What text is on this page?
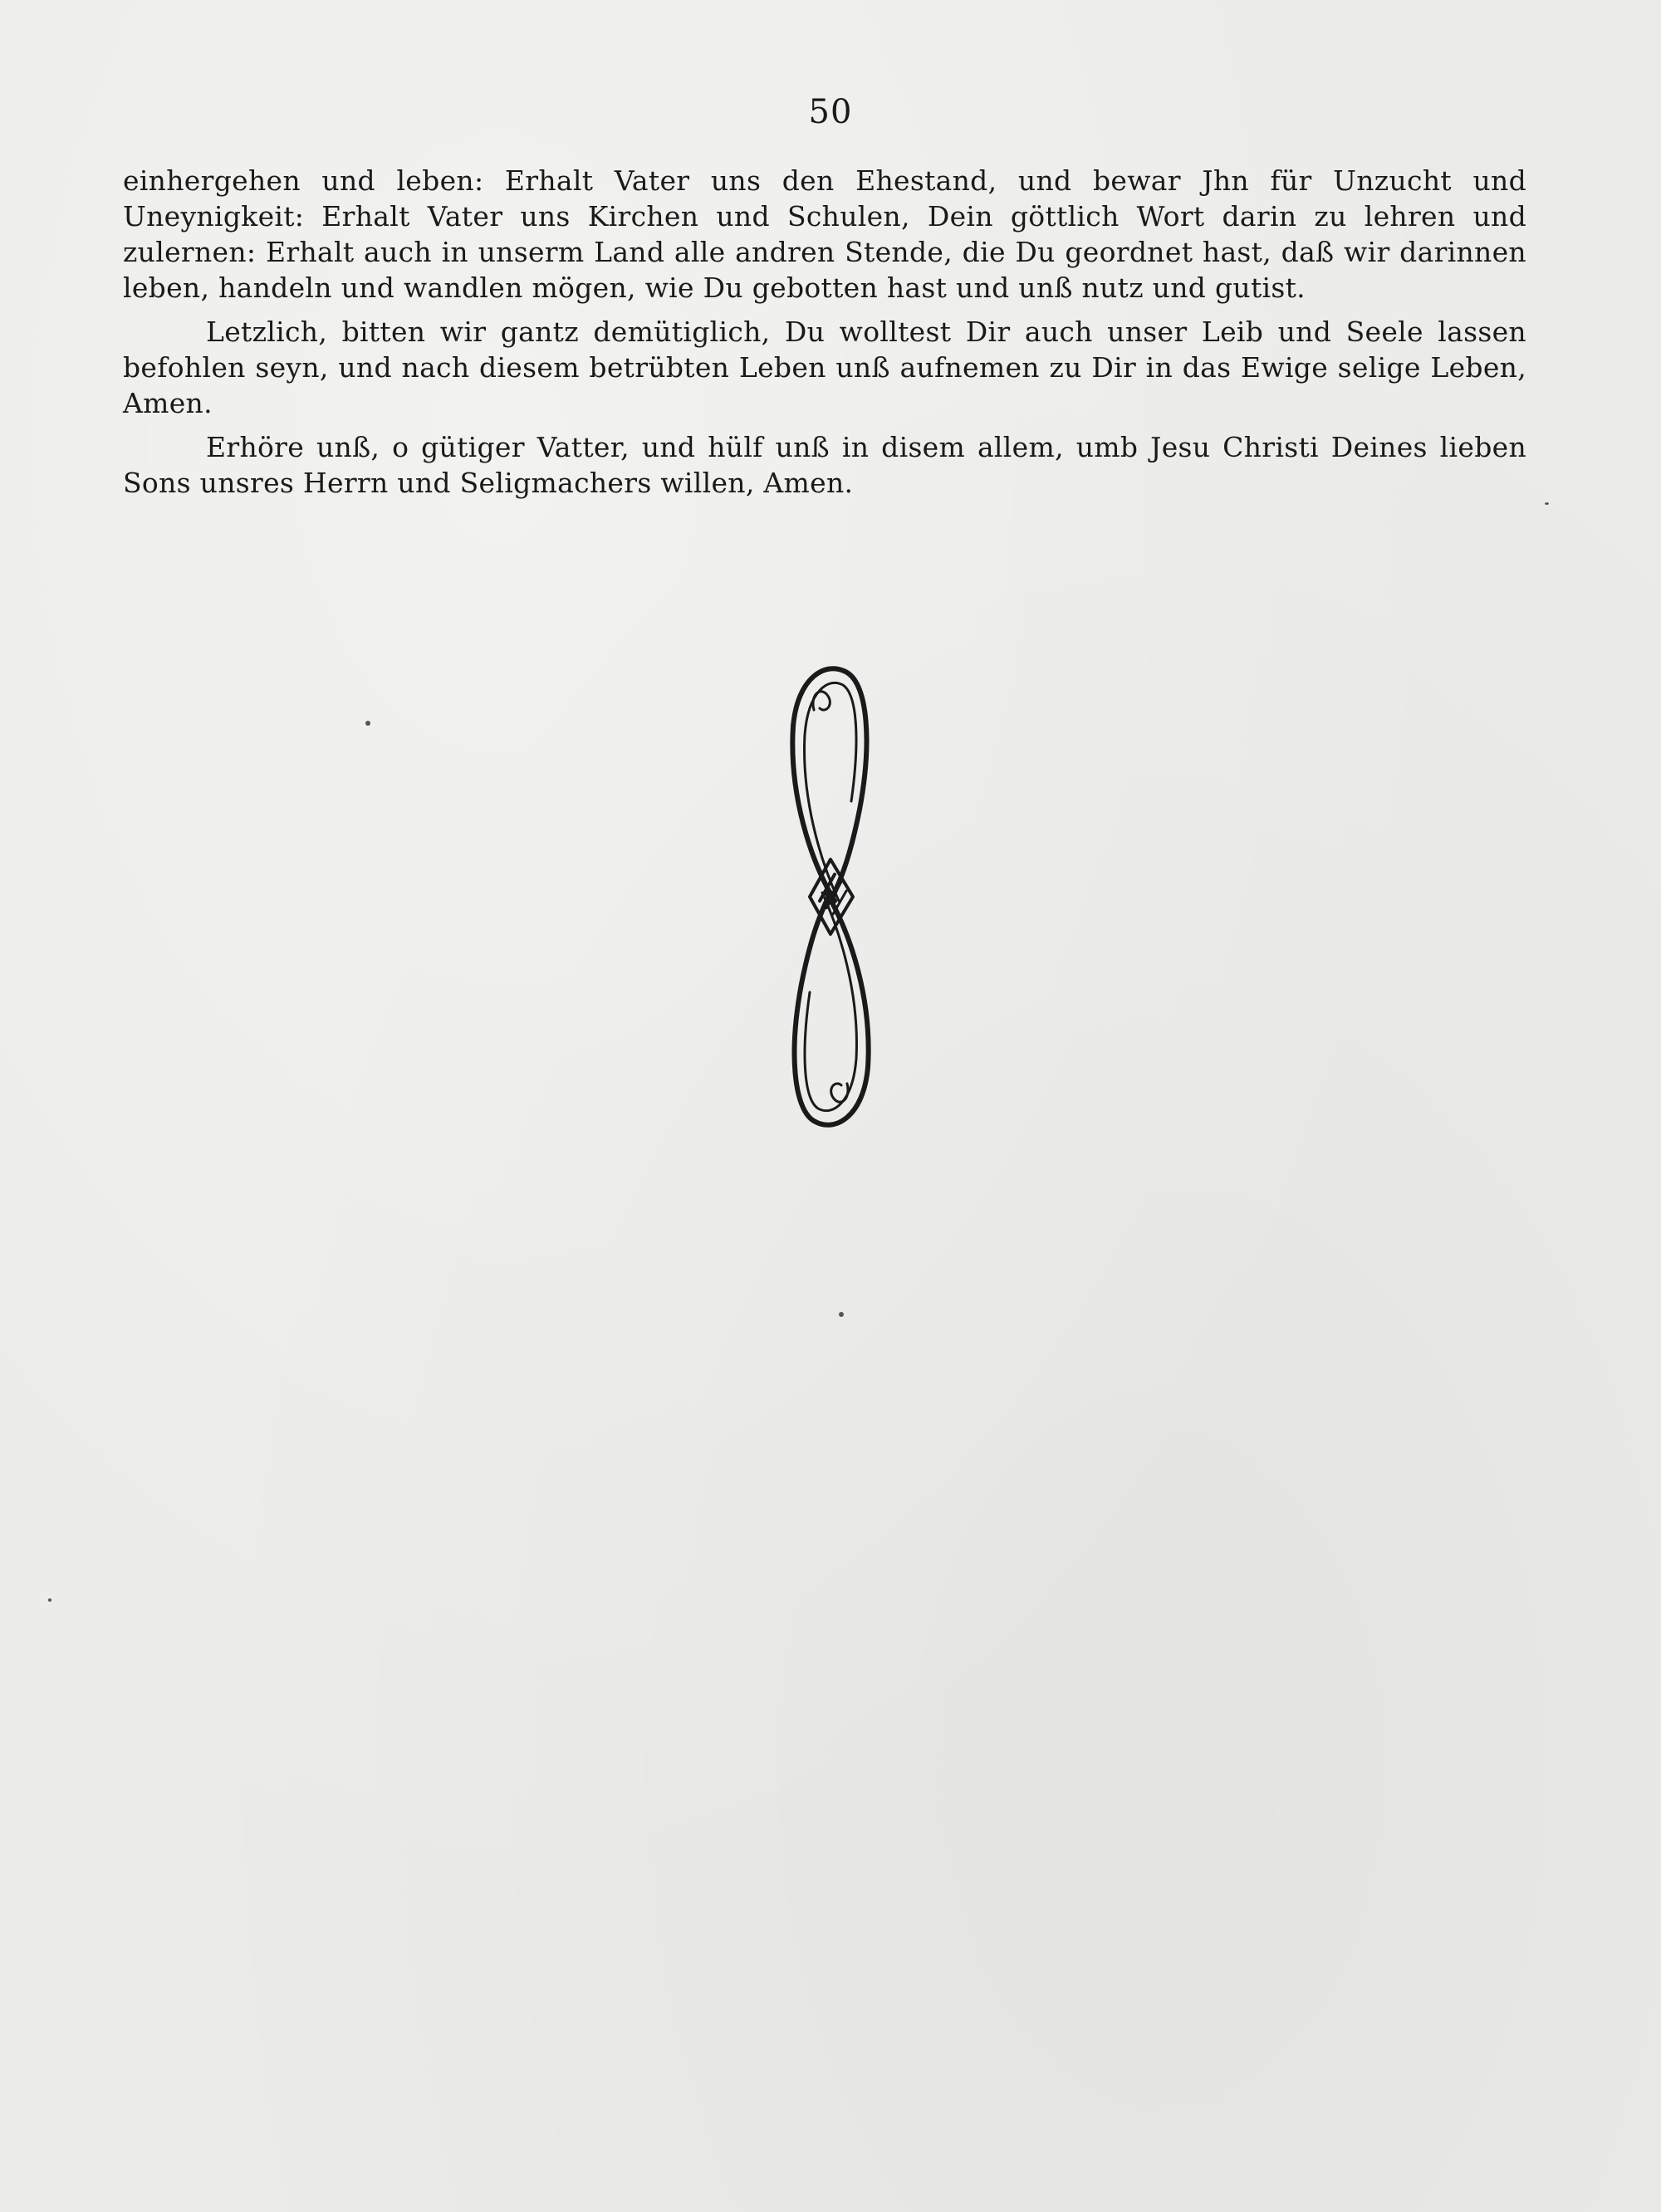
50

einhergehen und leben: Erhalt Vater uns den Ehestand, und bewar Jhn für Unzucht und Uneynigkeit: Erhalt Vater uns Kirchen und Schulen, Dein göttlich Wort darin zu lehren und zulernen: Erhalt auch in unserm Land alle andren Stende, die Du geordnet hast, daß wir darinnen leben, handeln und wandlen mögen, wie Du gebotten hast und unß nutz und gutist.

Letzlich, bitten wir gantz demütiglich, Du wolltest Dir auch unser Leib und Seele lassen befohlen seyn, und nach diesem betrübten Leben unß aufnemen zu Dir in das Ewige selige Leben, Amen.

Erhöre unß, o gütiger Vatter, und hülf unß in disem allem, umb Jesu Christi Deines lieben Sons unsres Herrn und Seligmachers willen, Amen.
